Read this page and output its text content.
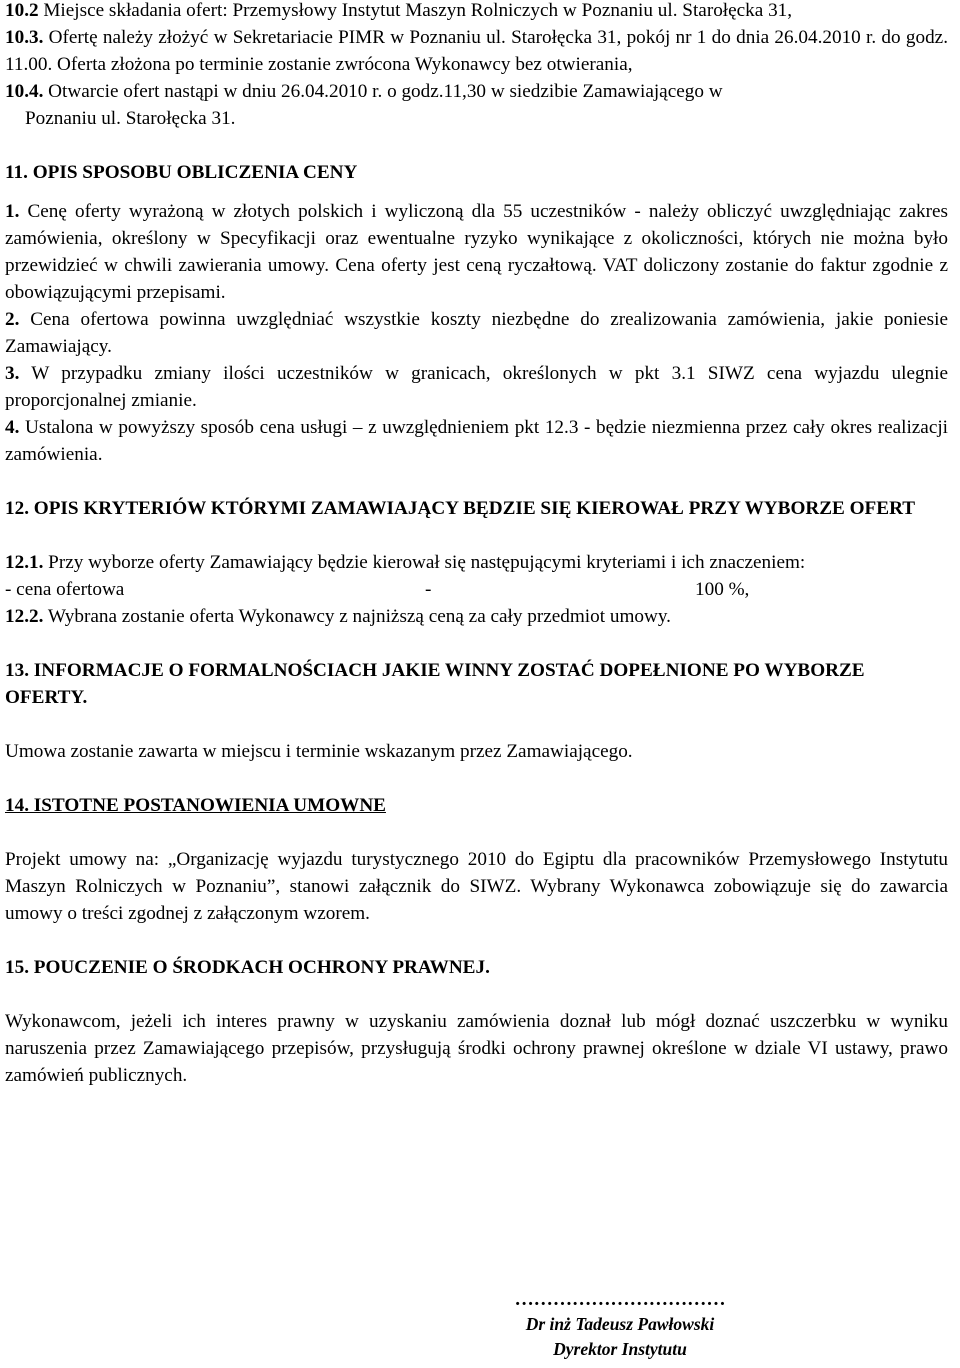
10.2 Miejsce składania ofert: Przemysłowy Instytut Maszyn Rolniczych w Poznaniu ul. Starołęcka 31,

10.3. Ofertę należy złożyć w Sekretariacie PIMR w Poznaniu ul. Starołęcka 31, pokój nr 1 do dnia 26.04.2010 r. do godz. 11.00. Oferta złożona po terminie zostanie zwrócona Wykonawcy bez otwierania,

10.4. Otwarcie ofert nastąpi w dniu 26.04.2010 r. o godz.11,30 w siedzibie Zamawiającego w

Poznaniu ul. Starołęcka 31.

11. OPIS SPOSOBU OBLICZENIA CENY

1. Cenę oferty wyrażoną w złotych polskich i wyliczoną dla 55 uczestników - należy obliczyć uwzględniając zakres zamówienia, określony w Specyfikacji oraz ewentualne ryzyko wynikające z okoliczności, których nie można było przewidzieć w chwili zawierania umowy. Cena oferty jest ceną ryczałtową. VAT doliczony zostanie do faktur zgodnie z obowiązującymi przepisami.

2. Cena ofertowa powinna uwzględniać wszystkie koszty niezbędne do zrealizowania zamówienia, jakie poniesie Zamawiający.

3. W przypadku zmiany ilości uczestników w granicach, określonych w pkt 3.1 SIWZ cena wyjazdu ulegnie proporcjonalnej zmianie.

4. Ustalona w powyższy sposób cena usługi – z uwzględnieniem pkt 12.3 - będzie niezmienna przez cały okres realizacji zamówienia.

12. OPIS KRYTERIÓW KTÓRYMI ZAMAWIAJĄCY BĘDZIE SIĘ KIEROWAŁ PRZY WYBORZE OFERT

12.1. Przy wyborze oferty Zamawiający będzie kierował się następującymi kryteriami i ich znaczeniem:

- cena ofertowa	-	100 %,

12.2. Wybrana zostanie oferta Wykonawcy z najniższą ceną za cały przedmiot umowy.

13. INFORMACJE O FORMALNOŚCIACH JAKIE WINNY ZOSTAĆ DOPEŁNIONE PO WYBORZE OFERTY.

Umowa zostanie zawarta w miejscu i terminie wskazanym przez Zamawiającego.

14. ISTOTNE POSTANOWIENIA UMOWNE

Projekt umowy na: „Organizację wyjazdu turystycznego 2010 do Egiptu dla pracowników Przemysłowego Instytutu Maszyn Rolniczych w Poznaniu”, stanowi załącznik do SIWZ. Wybrany Wykonawca zobowiązuje się do zawarcia umowy o treści zgodnej z załączonym wzorem.

15. POUCZENIE O ŚRODKACH OCHRONY PRAWNEJ.

Wykonawcom, jeżeli ich interes prawny w uzyskaniu zamówienia doznał lub mógł doznać uszczerbku w wyniku naruszenia przez Zamawiającego przepisów, przysługują środki ochrony prawnej określone w dziale VI ustawy, prawo zamówień publicznych.

……………………………
Dr inż Tadeusz Pawłowski
Dyrektor Instytutu
